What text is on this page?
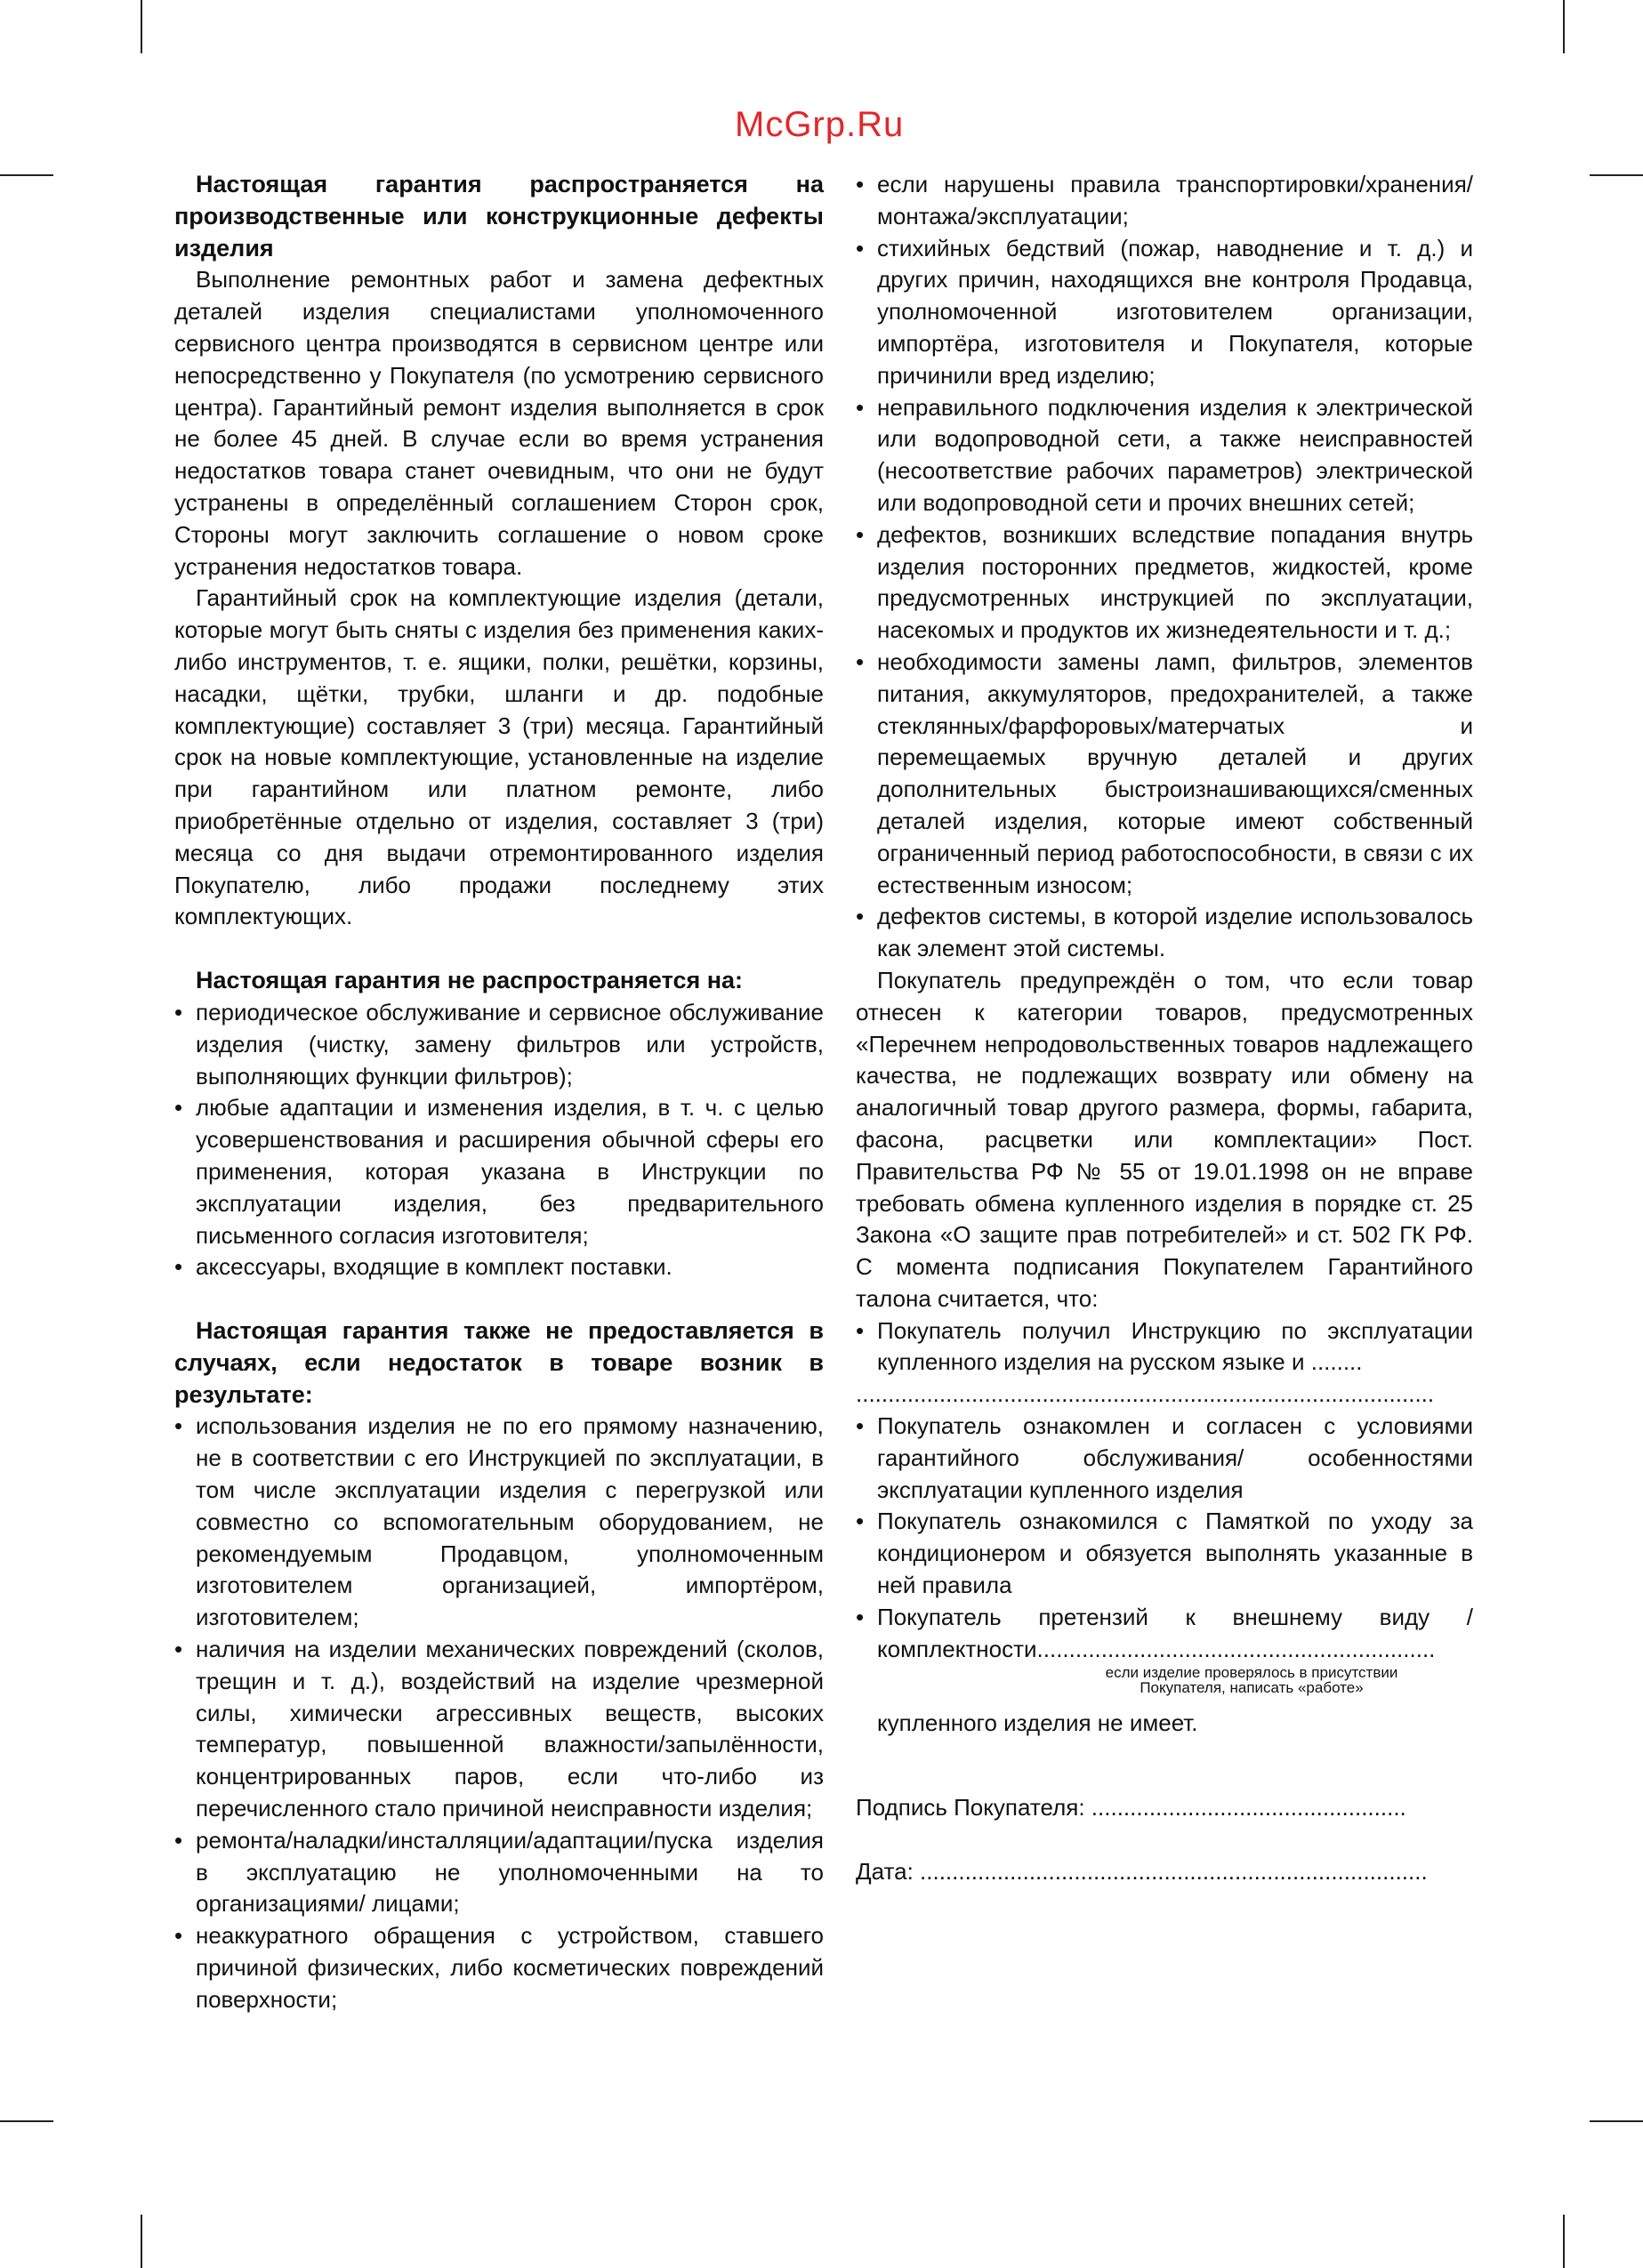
McGrp.Ru
Настоящая гарантия распространяется на производственные или конструкционные дефекты изделия

Выполнение ремонтных работ и замена дефектных деталей изделия специалистами уполномоченного сервисного центра производятся в сервисном центре или непосредственно у Покупателя (по усмотрению сервисного центра). Гарантийный ремонт изделия выполняется в срок не более 45 дней. В случае если во время устранения недостатков товара станет очевидным, что они не будут устранены в определённый соглашением Сторон срок, Стороны могут заключить соглашение о новом сроке устранения недостатков товара.

Гарантийный срок на комплектующие изделия (детали, которые могут быть сняты с изделия без применения каких-либо инструментов, т. е. ящики, полки, решётки, корзины, насадки, щётки, трубки, шланги и др. подобные комплектующие) составляет 3 (три) месяца. Гарантийный срок на новые комплектующие, установленные на изделие при гарантийном или платном ремонте, либо приобретённые отдельно от изделия, составляет 3 (три) месяца со дня выдачи отремонтированного изделия Покупателю, либо продажи последнему этих комплектующих.

Настоящая гарантия не распространяется на:
• периодическое обслуживание и сервисное обслуживание изделия (чистку, замену фильтров или устройств, выполняющих функции фильтров);
• любые адаптации и изменения изделия, в т. ч. с целью усовершенствования и расширения обычной сферы его применения, которая указана в Инструкции по эксплуатации изделия, без предварительного письменного согласия изготовителя;
• аксессуары, входящие в комплект поставки.
Настоящая гарантия также не предоставляется в случаях, если недостаток в товаре возник в результате:
• использования изделия не по его прямому назначению, не в соответствии с его Инструкцией по эксплуатации, в том числе эксплуатации изделия с перегрузкой или совместно со вспомогательным оборудованием, не рекомендуемым Продавцом, уполномоченным изготовителем организацией, импортёром, изготовителем;
• наличия на изделии механических повреждений (сколов, трещин и т. д.), воздействий на изделие чрезмерной силы, химически агрессивных веществ, высоких температур, повышенной влажности/запылённости, концентрированных паров, если что-либо из перечисленного стало причиной неисправности изделия;
• ремонта/наладки/инсталляции/адаптации/пуска изделия в эксплуатацию не уполномоченными на то организациями/ лицами;
• неаккуратного обращения с устройством, ставшего причиной физических, либо косметических повреждений поверхности;
• если нарушены правила транспортировки/хранения/монтажа/эксплуатации;
• стихийных бедствий (пожар, наводнение и т. д.) и других причин, находящихся вне контроля Продавца, уполномоченной изготовителем организации, импортёра, изготовителя и Покупателя, которые причинили вред изделию;
• неправильного подключения изделия к электрической или водопроводной сети, а также неисправностей (несоответствие рабочих параметров) электрической или водопроводной сети и прочих внешних сетей;
• дефектов, возникших вследствие попадания внутрь изделия посторонних предметов, жидкостей, кроме предусмотренных инструкцией по эксплуатации, насекомых и продуктов их жизнедеятельности и т. д.;
• необходимости замены ламп, фильтров, элементов питания, аккумуляторов, предохранителей, а также стеклянных/фарфоровых/матерчатых и перемещаемых вручную деталей и других дополнительных быстроизнашивающихся/сменных деталей изделия, которые имеют собственный ограниченный период работоспособности, в связи с их естественным износом;
• дефектов системы, в которой изделие использовалось как элемент этой системы.

Покупатель предупреждён о том, что если товар отнесен к категории товаров, предусмотренных «Перечнем непродовольственных товаров надлежащего качества, не подлежащих возврату или обмену на аналогичный товар другого размера, формы, габарита, фасона, расцветки или комплектации» Пост. Правительства РФ № 55 от 19.01.1998 он не вправе требовать обмена купленного изделия в порядке ст. 25 Закона «О защите прав потребителей» и ст. 502 ГК РФ. С момента подписания Покупателем Гарантийного талона считается, что:

• Покупатель получил Инструкцию по эксплуатации купленного изделия на русском языке и ........

..........................................................................................

• Покупатель ознакомлен и согласен с условиями гарантийного обслуживания/ особенностями эксплуатации купленного изделия
• Покупатель ознакомился с Памяткой по уходу за кондиционером и обязуется выполнять указанные в ней правила
• Покупатель претензий к внешнему виду /комплектности..............................................................
если изделие проверялось в присутствии
Покупателя, написать «работе»

купленного изделия не имеет.

Подпись Покупателя: .................................................

Дата: ...............................................................................
